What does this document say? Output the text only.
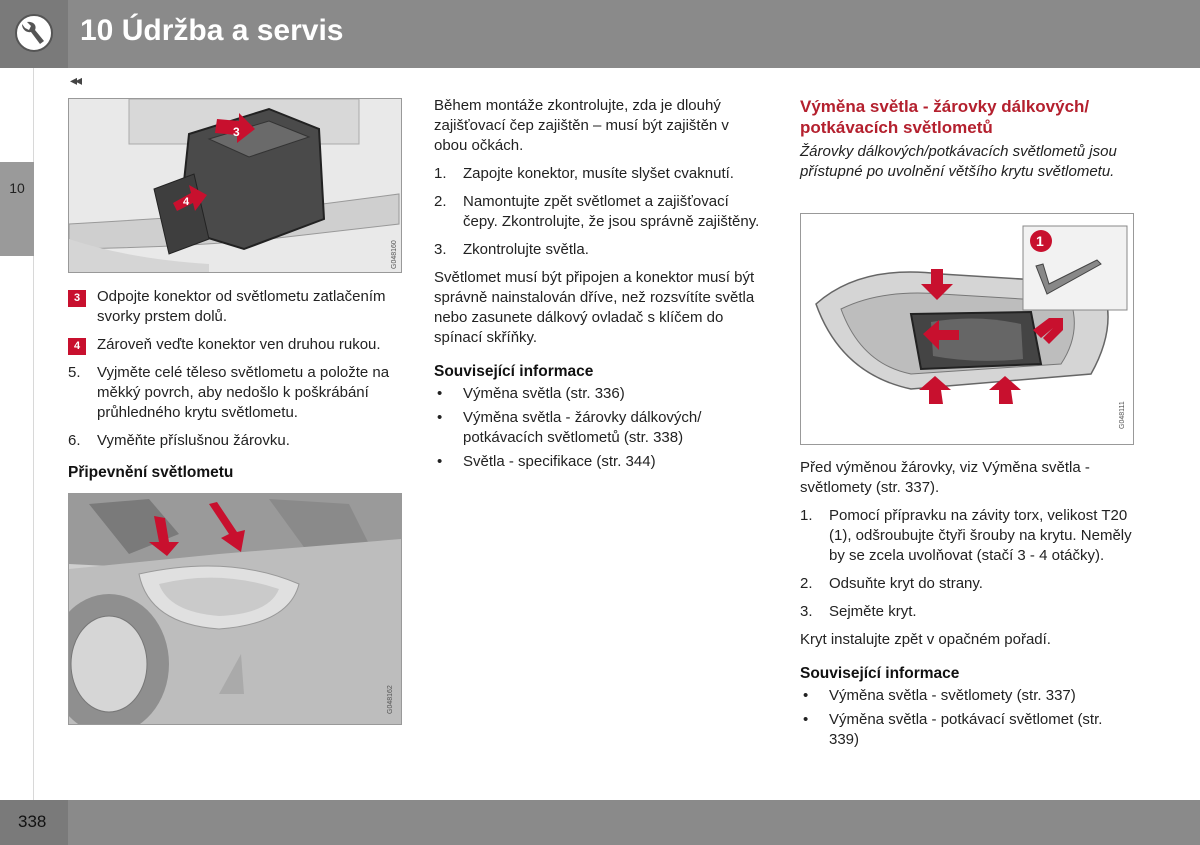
10 Údržba a servis
◂◂
10
3
4
G048160
3	Odpojte konektor od světlometu zatlačením svorky prstem dolů.
4	Zároveň veďte konektor ven druhou rukou.
5. Vyjměte celé těleso světlometu a položte na měkký povrch, aby nedošlo k poškrábání průhledného krytu světlometu.
6. Vyměňte příslušnou žárovku.
Připevnění světlometu
G048162

Během montáže zkontrolujte, zda je dlouhý zajišťovací čep zajištěn – musí být zajištěn v obou očkách.

1. Zapojte konektor, musíte slyšet cvaknutí.
2. Namontujte zpět světlomet a zajišťovací čepy. Zkontrolujte, že jsou správně zajištěny.
3. Zkontrolujte světla.

Světlomet musí být připojen a konektor musí být správně nainstalován dříve, než rozsvítíte světla nebo zasunete dálkový ovladač s klíčem do spínací skříňky.

Související informace
• Výměna světla (str. 336)
• Výměna světla - žárovky dálkových/ potkávacích světlometů (str. 338)
• Světla - specifikace (str. 344)

Výměna světla - žárovky dálkových/ potkávacích světlometů

Žárovky dálkových/potkávacích světlometů jsou přístupné po uvolnění většího krytu světlometu.

1
G048111

Před výměnou žárovky, viz Výměna světla - světlomety (str. 337).

1. Pomocí přípravku na závity torx, velikost T20 (1), odšroubujte čtyři šrouby na krytu. Neměly by se zcela uvolňovat (stačí 3 - 4 otáčky).
2. Odsuňte kryt do strany.
3. Sejměte kryt.

Kryt instalujte zpět v opačném pořadí.

Související informace
• Výměna světla - světlomety (str. 337)
• Výměna světla - potkávací světlomet (str. 339)
338
